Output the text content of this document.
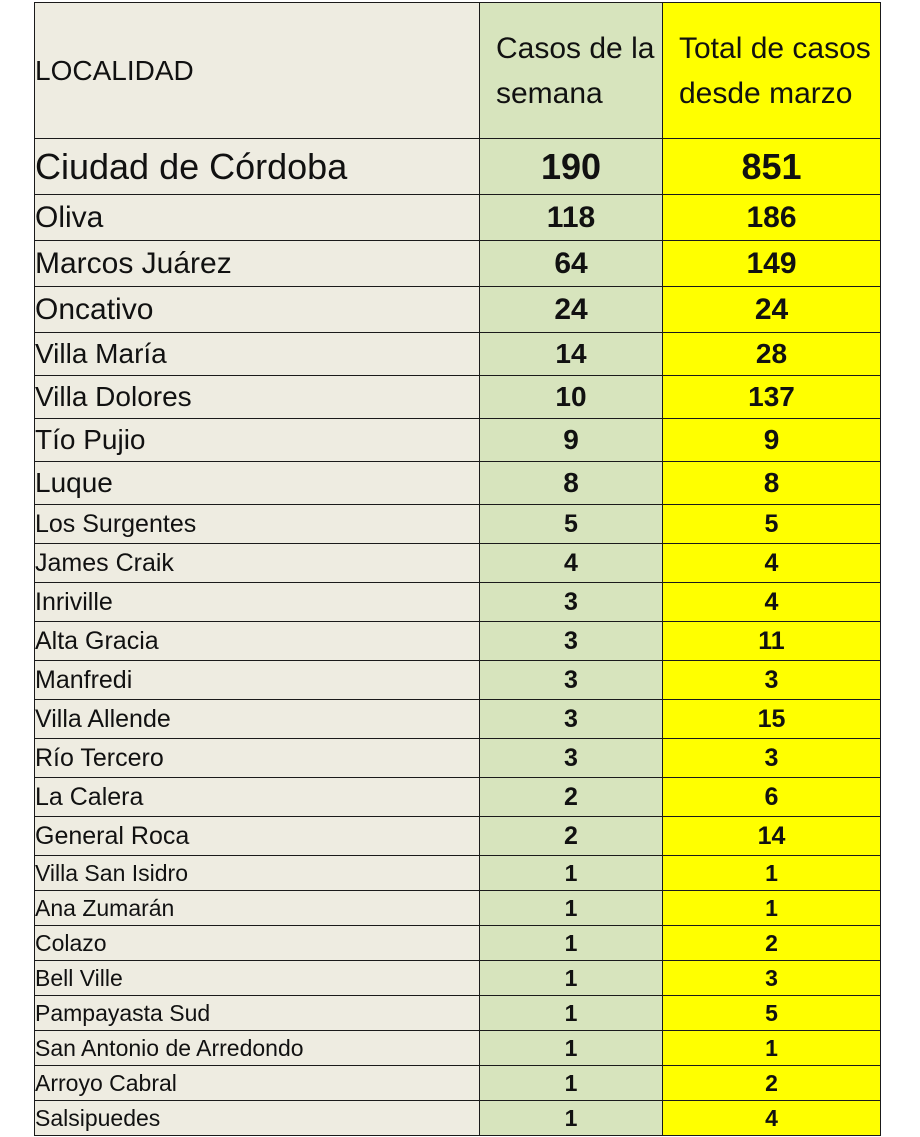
LOCALIDAD	Casos de la semana	Total de casos desde marzo
Ciudad de Córdoba	190	851
Oliva	118	186
Marcos Juárez	64	149
Oncativo	24	24
Villa María	14	28
Villa Dolores	10	137
Tío Pujio	9	9
Luque	8	8
Los Surgentes	5	5
James Craik	4	4
Inriville	3	4
Alta Gracia	3	11
Manfredi	3	3
Villa Allende	3	15
Río Tercero	3	3
La Calera	2	6
General Roca	2	14
Villa San Isidro	1	1
Ana Zumarán	1	1
Colazo	1	2
Bell Ville	1	3
Pampayasta Sud	1	5
San Antonio de Arredondo	1	1
Arroyo Cabral	1	2
Salsipuedes	1	4
